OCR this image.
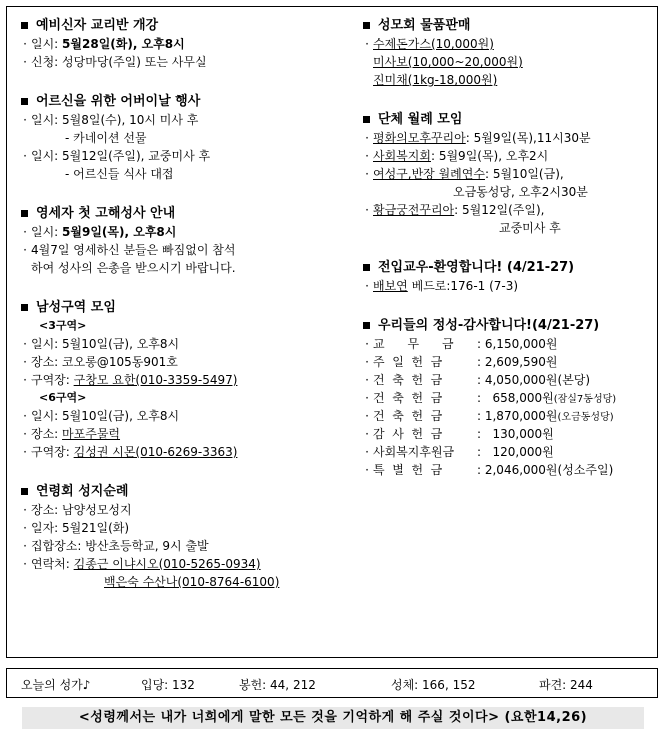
예비신자 교리반 개강
· 일시: 5월28일(화), 오후8시
· 신청: 성당마당(주일) 또는 사무실
어르신을 위한 어버이날 행사
· 일시: 5월8일(수), 10시 미사 후
- 카네이션 선물
· 일시: 5월12일(주일), 교중미사 후
- 어르신들 식사 대접
영세자 첫 고해성사 안내
· 일시: 5월9일(목), 오후8시
· 4월7일 영세하신 분들은 빠짐없이 참석
하여 성사의 은총을 받으시기 바랍니다.
남성구역 모임
<3구역>
· 일시: 5월10일(금), 오후8시
· 장소: 코오롱@105동901호
· 구역장: 구창모 요한(010-3359-5497)
<6구역>
· 일시: 5월10일(금), 오후8시
· 장소: 마포주물럭
· 구역장: 김성권 시몬(010-6269-3363)
연령회 성지순례
· 장소: 남양성모성지
· 일자: 5월21일(화)
· 집합장소: 방산초등학교, 9시 출발
· 연락처: 김종근 이냐시오(010-5265-0934)
백은숙 수산나(010-8764-6100)
성모회 물품판매
· 수제돈가스(10,000원)
미사보(10,000~20,000원)
진미채(1kg-18,000원)
단체 월례 모임
· 평화의모후꾸리아: 5월9일(목),11시30분
· 사회복지회: 5월9일(목), 오후2시
· 여성구,반장 월례연수: 5월10일(금),
오금동성당, 오후2시30분
· 황금궁전꾸리아: 5월12일(주일),
교중미사 후
전입교우-환영합니다! (4/21-27)
· 배보연 베드로:176-1 (7-3)
우리들의 정성-감사합니다!(4/21-27)
· 교      무      금 : 6,150,000원
· 주  일  헌  금	: 2,609,590원
· 건  축  헌  금	: 4,050,000원(본당)
· 건  축  헌  금	:   658,000원(잠실7동성당)
· 건  축  헌  금	: 1,870,000원(오금동성당)
· 감  사  헌  금	:   130,000원
· 사회복지후원금 :   120,000원
· 특  별  헌  금	: 2,046,000원(성소주일)
오늘의 성가♪	입당: 132	봉헌: 44, 212	성체: 166, 152	파견: 244
<성령께서는 내가 너희에게 말한 모든 것을 기억하게 해 주실 것이다> (요한14,26)
